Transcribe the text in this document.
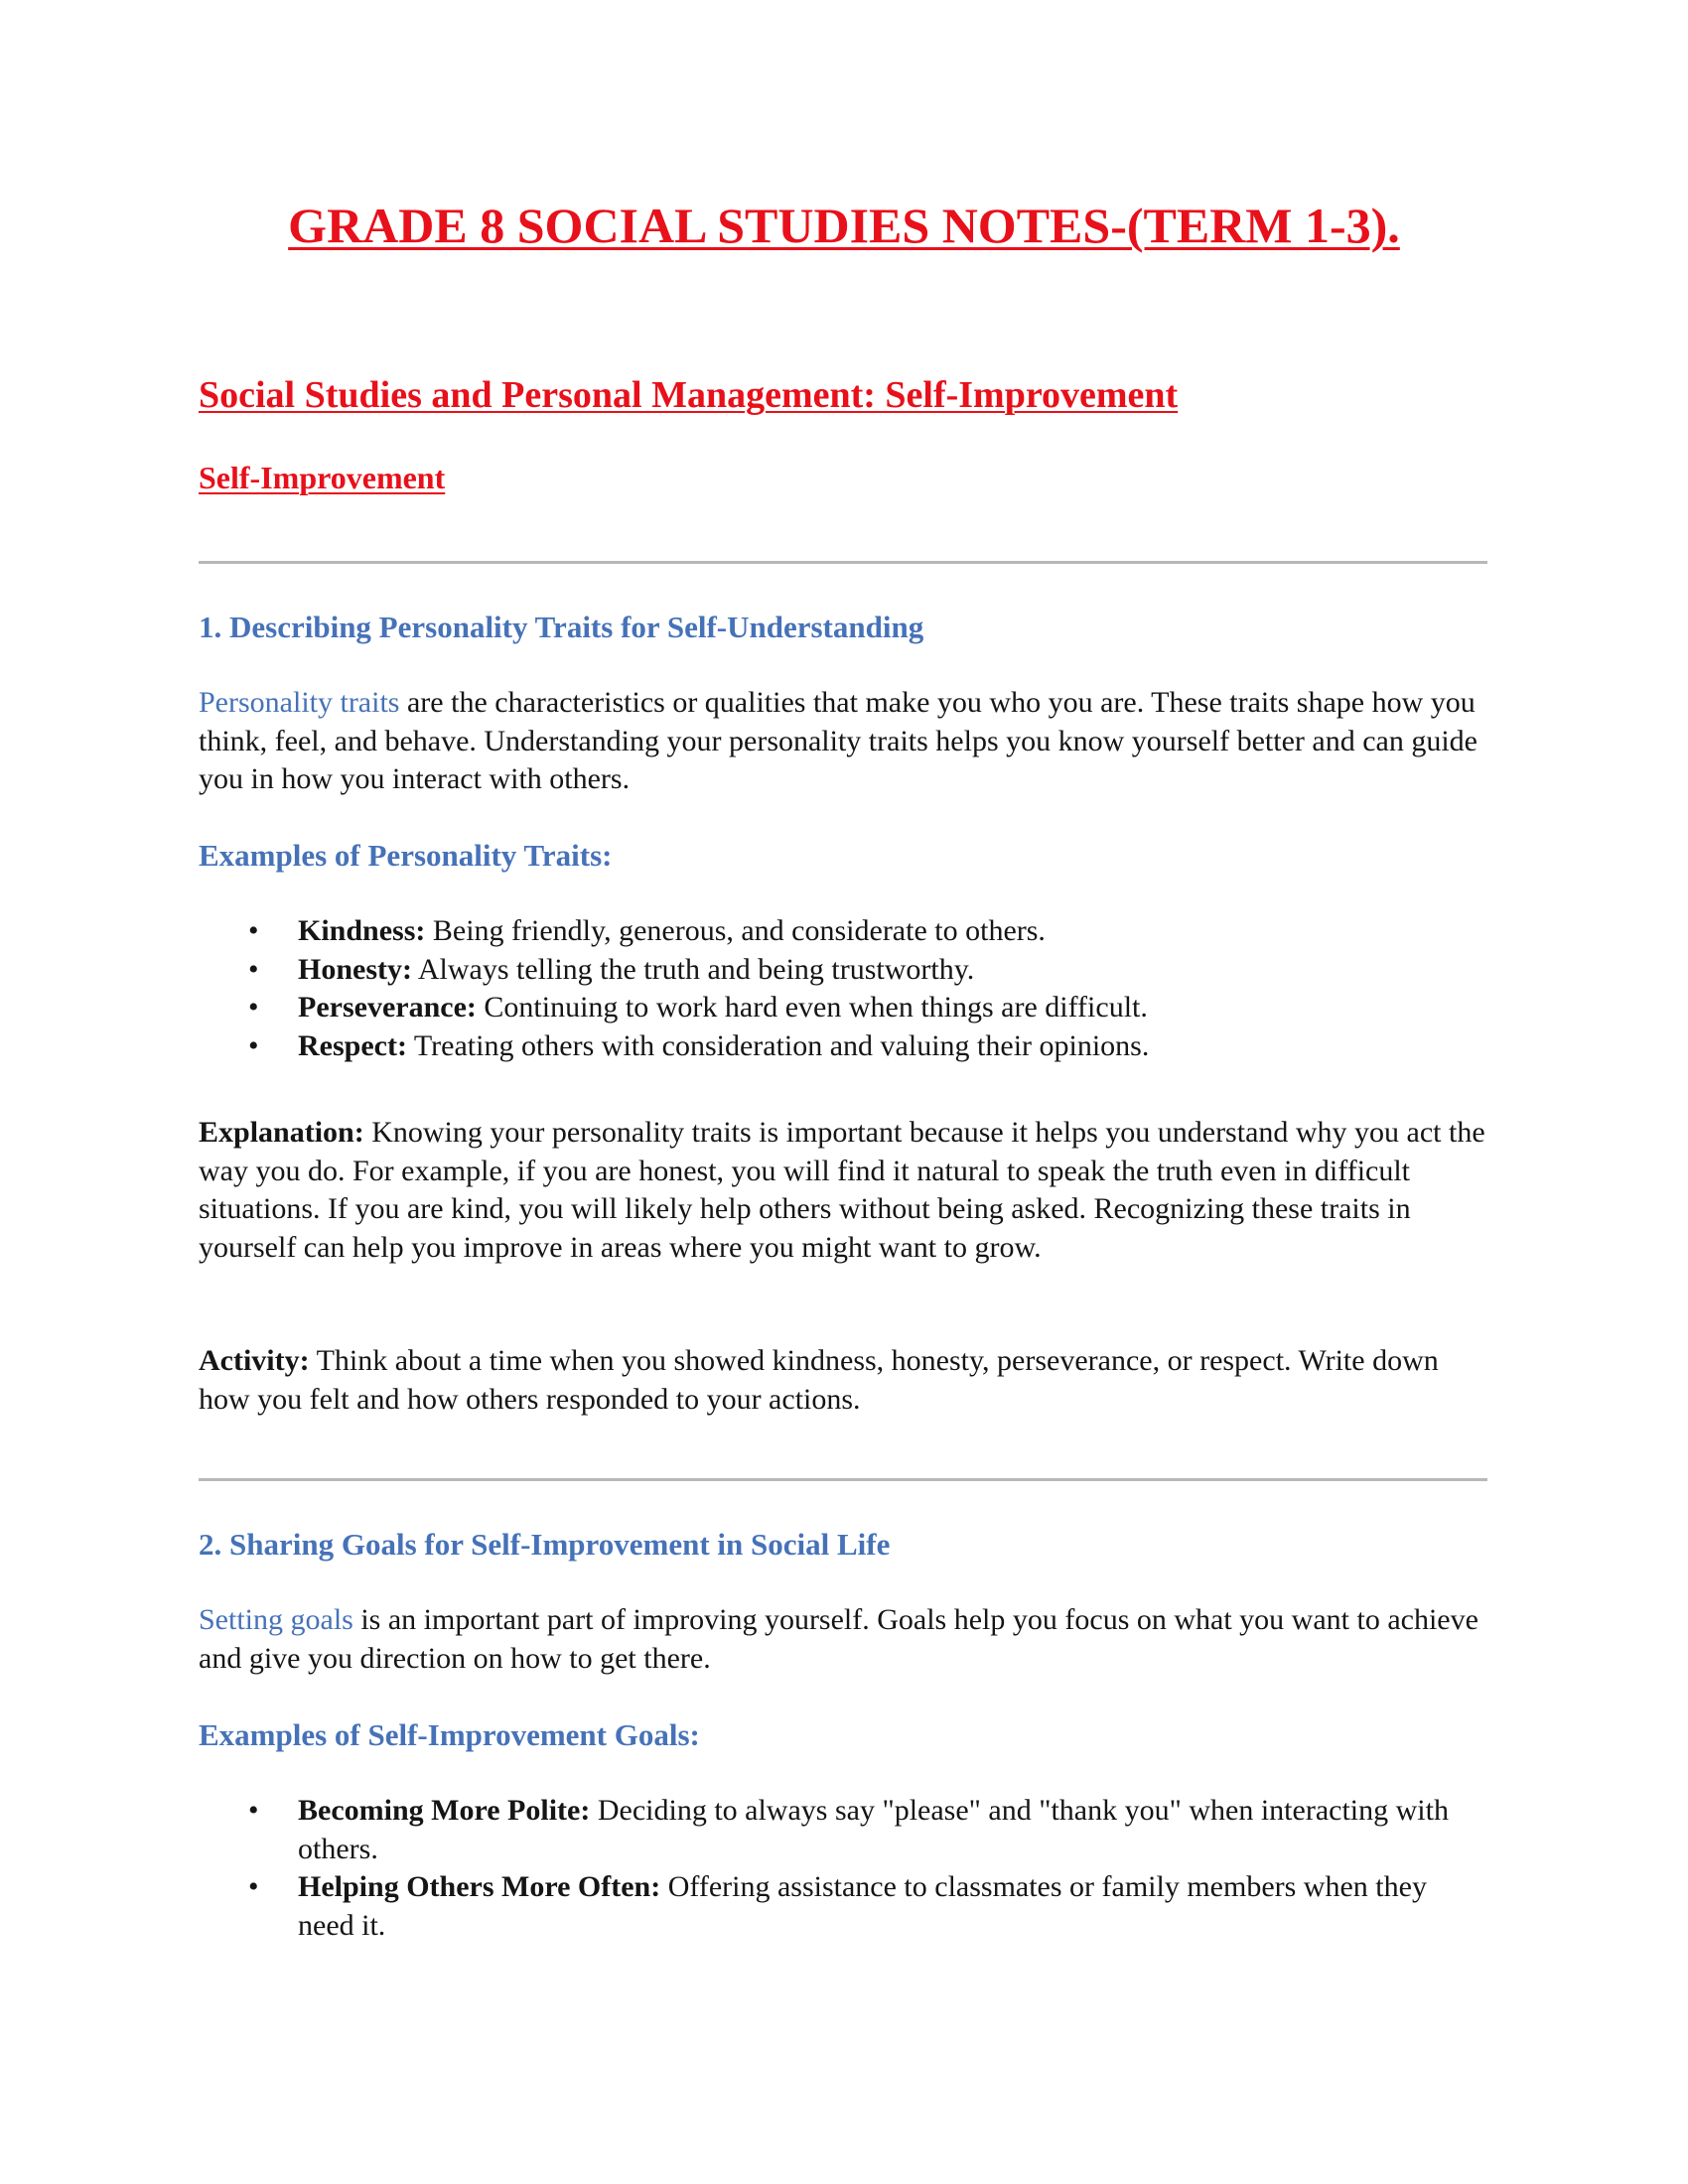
GRADE 8 SOCIAL STUDIES NOTES-(TERM 1-3).
Social Studies and Personal Management: Self-Improvement
Self-Improvement
1. Describing Personality Traits for Self-Understanding

Personality traits are the characteristics or qualities that make you who you are. These traits shape how you think, feel, and behave. Understanding your personality traits helps you know yourself better and can guide you in how you interact with others.

Examples of Personality Traits:
• Kindness: Being friendly, generous, and considerate to others.
• Honesty: Always telling the truth and being trustworthy.
• Perseverance: Continuing to work hard even when things are difficult.
• Respect: Treating others with consideration and valuing their opinions.

Explanation: Knowing your personality traits is important because it helps you understand why you act the way you do. For example, if you are honest, you will find it natural to speak the truth even in difficult situations. If you are kind, you will likely help others without being asked. Recognizing these traits in yourself can help you improve in areas where you might want to grow.

Activity: Think about a time when you showed kindness, honesty, perseverance, or respect. Write down how you felt and how others responded to your actions.

2. Sharing Goals for Self-Improvement in Social Life

Setting goals is an important part of improving yourself. Goals help you focus on what you want to achieve and give you direction on how to get there.

Examples of Self-Improvement Goals:
• Becoming More Polite: Deciding to always say "please" and "thank you" when interacting with others.
• Helping Others More Often: Offering assistance to classmates or family members when they need it.
